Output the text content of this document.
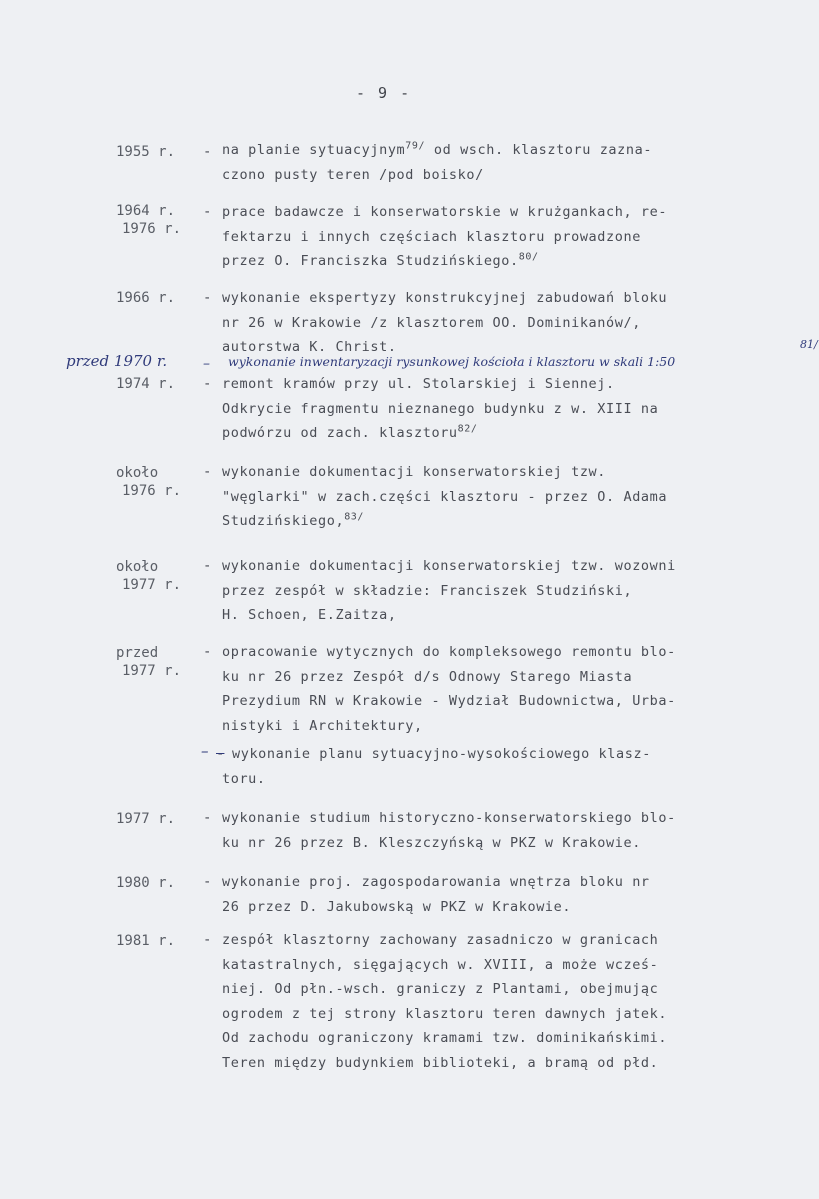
- 9 -
1955 r.	- na planie sytuacyjnym$^{79/}$ od wsch. klasztoru zazna-

czono pusty teren /pod boisko/

1964 r.
1976 r.
- prace badawcze i konserwatorskie w krużgankach, re-

fektarzu i innych częściach klasztoru prowadzone

przez O. Franciszka Studzińskiego.$^{80/}$

1966 r.	- wykonanie ekspertyzy konstrukcyjnej zabudowań bloku

nr 26 w Krakowie /z klasztorem OO. Dominikanów/,

autorstwa K. Christ.

przed 1970 r.	– wykonanie inwentaryzacji rysunkowej kościoła i klasztoru w skali 1:50
81/
1974 r.	- remont kramów przy ul. Stolarskiej i Siennej.

Odkrycie fragmentu nieznanego budynku z w. XIII na

podwórzu od zach. klasztoru$^{82/}$

około
1976 r.
- wykonanie dokumentacji konserwatorskiej tzw.

"węglarki" w zach.części klasztoru - przez O. Adama

Studzińskiego,$^{83/}$

około
1977 r.
- wykonanie dokumentacji konserwatorskiej tzw. wozowni

przez zespół w składzie: Franciszek Studziński,

H. Schoen, E.Zaitza,

przed
1977 r.
- opracowanie wytycznych do kompleksowego remontu blo-

ku nr 26 przez Zespół d/s Odnowy Starego Miasta

Prezydium RN w Krakowie - Wydział Budownictwa, Urba-

nistyki i Architektury,

– - wykonanie planu sytuacyjno-wysokościowego klasz-

toru.

1977 r.	- wykonanie studium historyczno-konserwatorskiego blo-

ku nr 26 przez B. Kleszczyńską w PKZ w Krakowie.

1980 r.	- wykonanie proj. zagospodarowania wnętrza bloku nr

26 przez D. Jakubowską w PKZ w Krakowie.

1981 r.	- zespół klasztorny zachowany zasadniczo w granicach

katastralnych, sięgających w. XVIII, a może wcześ-

niej. Od płn.-wsch. graniczy z Plantami, obejmując

ogrodem z tej strony klasztoru teren dawnych jatek.

Od zachodu ograniczony kramami tzw. dominikańskimi.

Teren między budynkiem biblioteki, a bramą od płd.
